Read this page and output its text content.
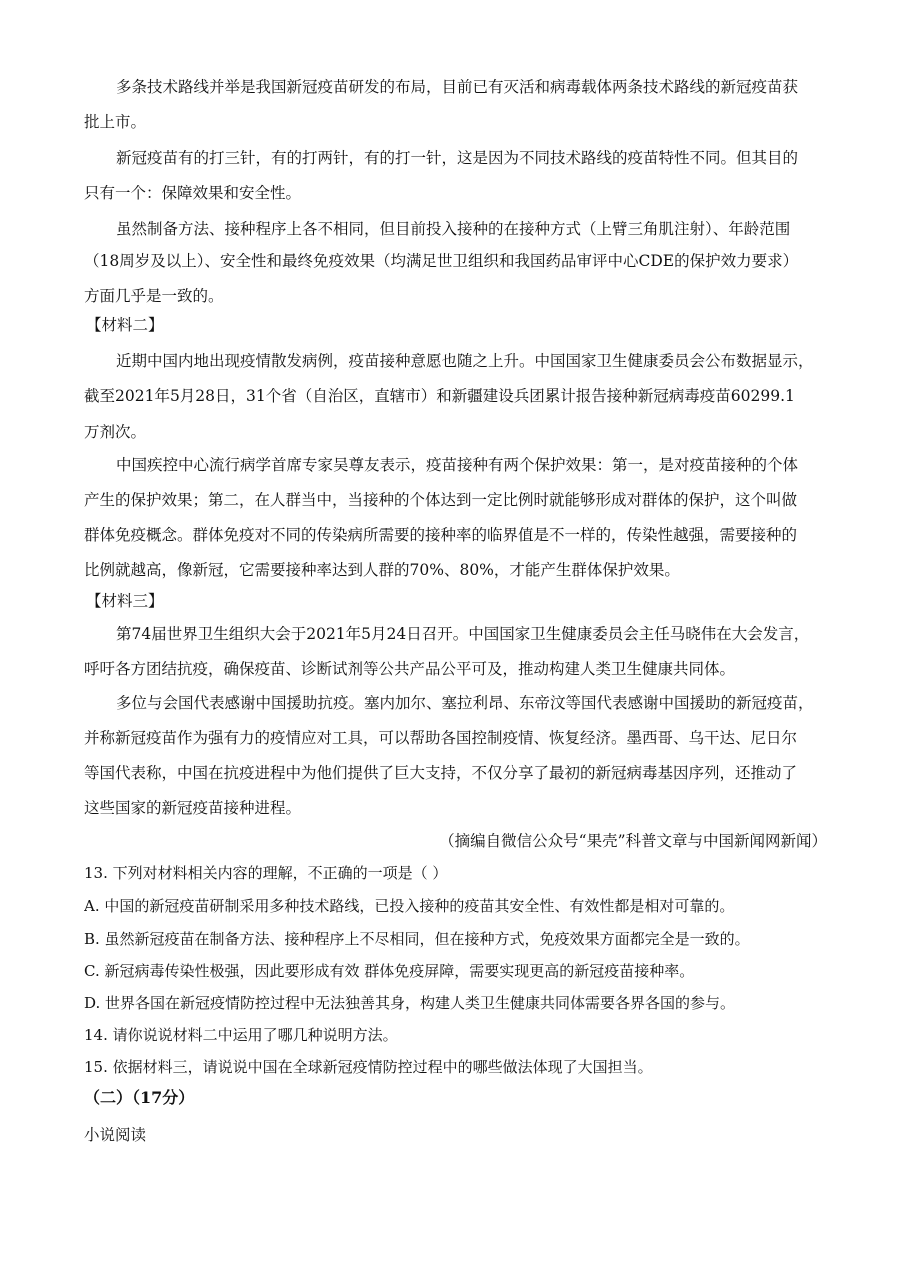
多条技术路线并举是我国新冠疫苗研发的布局，目前已有灭活和病毒载体两条技术路线的新冠疫苗获
批上市。
新冠疫苗有的打三针，有的打两针，有的打一针，这是因为不同技术路线的疫苗特性不同。但其目的
只有一个：保障效果和安全性。
虽然制备方法、接种程序上各不相同，但目前投入接种的在接种方式（上臂三角肌注射）、年龄范围
（18周岁及以上）、安全性和最终免疫效果（均满足世卫组织和我国药品审评中心CDE的保护效力要求）
方面几乎是一致的。
【材料二】
近期中国内地出现疫情散发病例，疫苗接种意愿也随之上升。中国国家卫生健康委员会公布数据显示，
截至2021年5月28日，31个省（自治区，直辖市）和新疆建设兵团累计报告接种新冠病毒疫苗60299.1
万剂次。
中国疾控中心流行病学首席专家吴尊友表示，疫苗接种有两个保护效果：第一，是对疫苗接种的个体
产生的保护效果；第二，在人群当中，当接种的个体达到一定比例时就能够形成对群体的保护，这个叫做
群体免疫概念。群体免疫对不同的传染病所需要的接种率的临界值是不一样的，传染性越强，需要接种的
比例就越高，像新冠，它需要接种率达到人群的70%、80%，才能产生群体保护效果。
【材料三】
第74届世界卫生组织大会于2021年5月24日召开。中国国家卫生健康委员会主任马晓伟在大会发言，
呼吁各方团结抗疫，确保疫苗、诊断试剂等公共产品公平可及，推动构建人类卫生健康共同体。
多位与会国代表感谢中国援助抗疫。塞内加尔、塞拉利昂、东帝汶等国代表感谢中国援助的新冠疫苗，
并称新冠疫苗作为强有力的疫情应对工具，可以帮助各国控制疫情、恢复经济。墨西哥、乌干达、尼日尔
等国代表称，中国在抗疫进程中为他们提供了巨大支持，不仅分享了最初的新冠病毒基因序列，还推动了
这些国家的新冠疫苗接种进程。
（摘编自微信公众号“果壳”科普文章与中国新闻网新闻）
13. 下列对材料相关内容的理解，不正确的一项是（ ）
A. 中国的新冠疫苗研制采用多种技术路线，已投入接种的疫苗其安全性、有效性都是相对可靠的。
B. 虽然新冠疫苗在制备方法、接种程序上不尽相同，但在接种方式，免疫效果方面都完全是一致的。
C. 新冠病毒传染性极强，因此要形成有效 群体免疫屏障，需要实现更高的新冠疫苗接种率。
D. 世界各国在新冠疫情防控过程中无法独善其身，构建人类卫生健康共同体需要各界各国的参与。
14. 请你说说材料二中运用了哪几种说明方法。
15. 依据材料三，请说说中国在全球新冠疫情防控过程中的哪些做法体现了大国担当。
（二）（17分）
小说阅读
